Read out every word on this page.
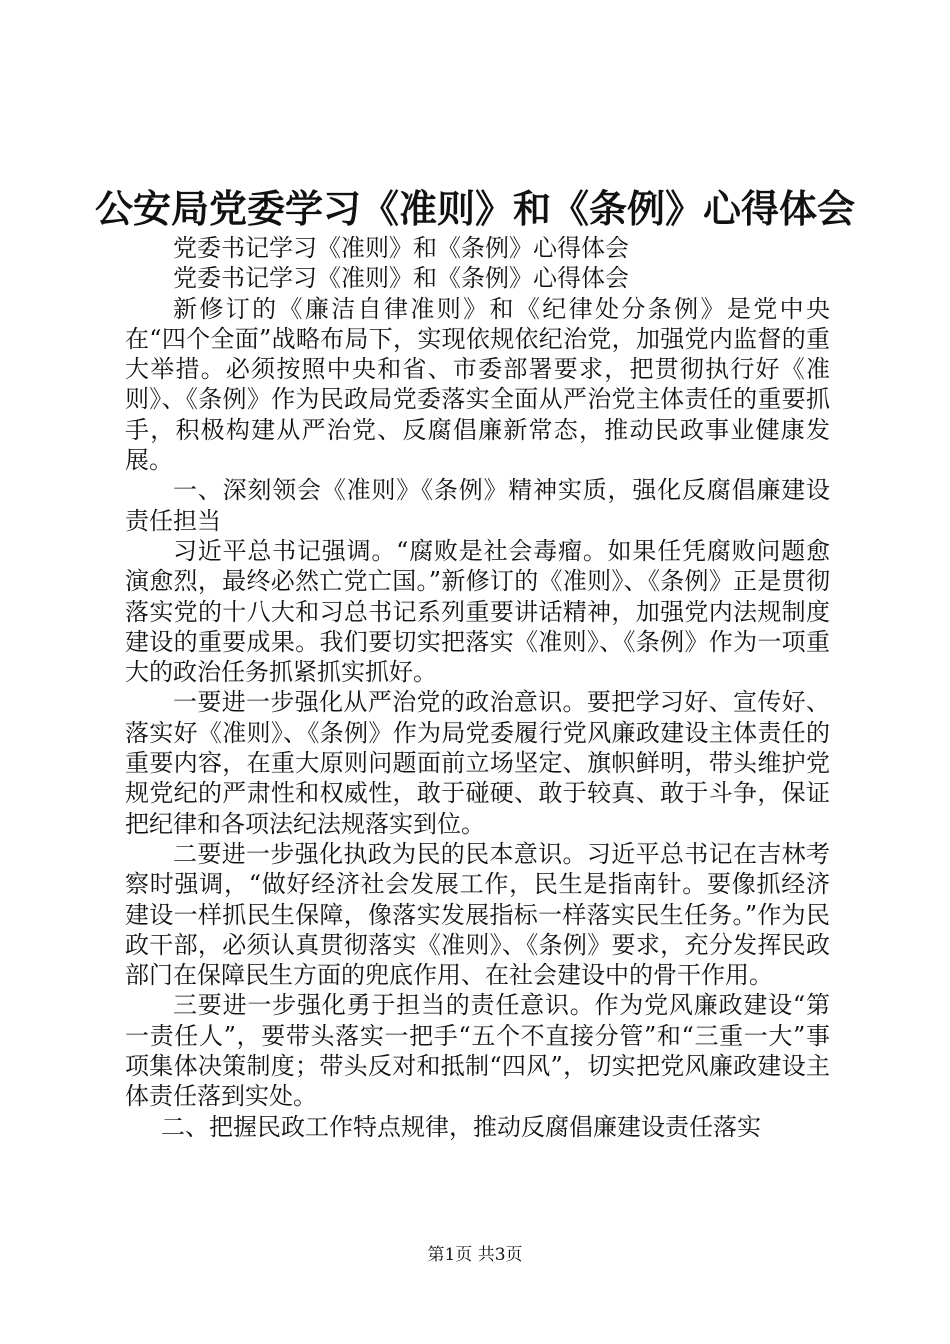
公安局党委学习《准则》和《条例》心得体会

党委书记学习《准则》和《条例》心得体会

党委书记学习《准则》和《条例》心得体会

新修订的《廉洁自律准则》和《纪律处分条例》是党中央在“四个全面”战略布局下，实现依规依纪治党，加强党内监督的重大举措。必须按照中央和省、市委部署要求，把贯彻执行好《准则》、《条例》作为民政局党委落实全面从严治党主体责任的重要抓手，积极构建从严治党、反腐倡廉新常态，推动民政事业健康发展。

一、深刻领会《准则》《条例》精神实质，强化反腐倡廉建设责任担当

习近平总书记强调。“腐败是社会毒瘤。如果任凭腐败问题愈演愈烈，最终必然亡党亡国。”新修订的《准则》、《条例》正是贯彻落实党的十八大和习总书记系列重要讲话精神，加强党内法规制度建设的重要成果。我们要切实把落实《准则》、《条例》作为一项重大的政治任务抓紧抓实抓好。

一要进一步强化从严治党的政治意识。要把学习好、宣传好、落实好《准则》、《条例》作为局党委履行党风廉政建设主体责任的重要内容，在重大原则问题面前立场坚定、旗帜鲜明，带头维护党规党纪的严肃性和权威性，敢于碰硬、敢于较真、敢于斗争，保证把纪律和各项法纪法规落实到位。

二要进一步强化执政为民的民本意识。习近平总书记在吉林考察时强调，“做好经济社会发展工作，民生是指南针。要像抓经济建设一样抓民生保障，像落实发展指标一样落实民生任务。”作为民政干部，必须认真贯彻落实《准则》、《条例》要求，充分发挥民政部门在保障民生方面的兜底作用、在社会建设中的骨干作用。

三要进一步强化勇于担当的责任意识。作为党风廉政建设“第一责任人”，要带头落实一把手“五个不直接分管”和“三重一大”事项集体决策制度；带头反对和抵制“四风”，切实把党风廉政建设主体责任落到实处。

二、把握民政工作特点规律，推动反腐倡廉建设责任落实

第1页 共3页
